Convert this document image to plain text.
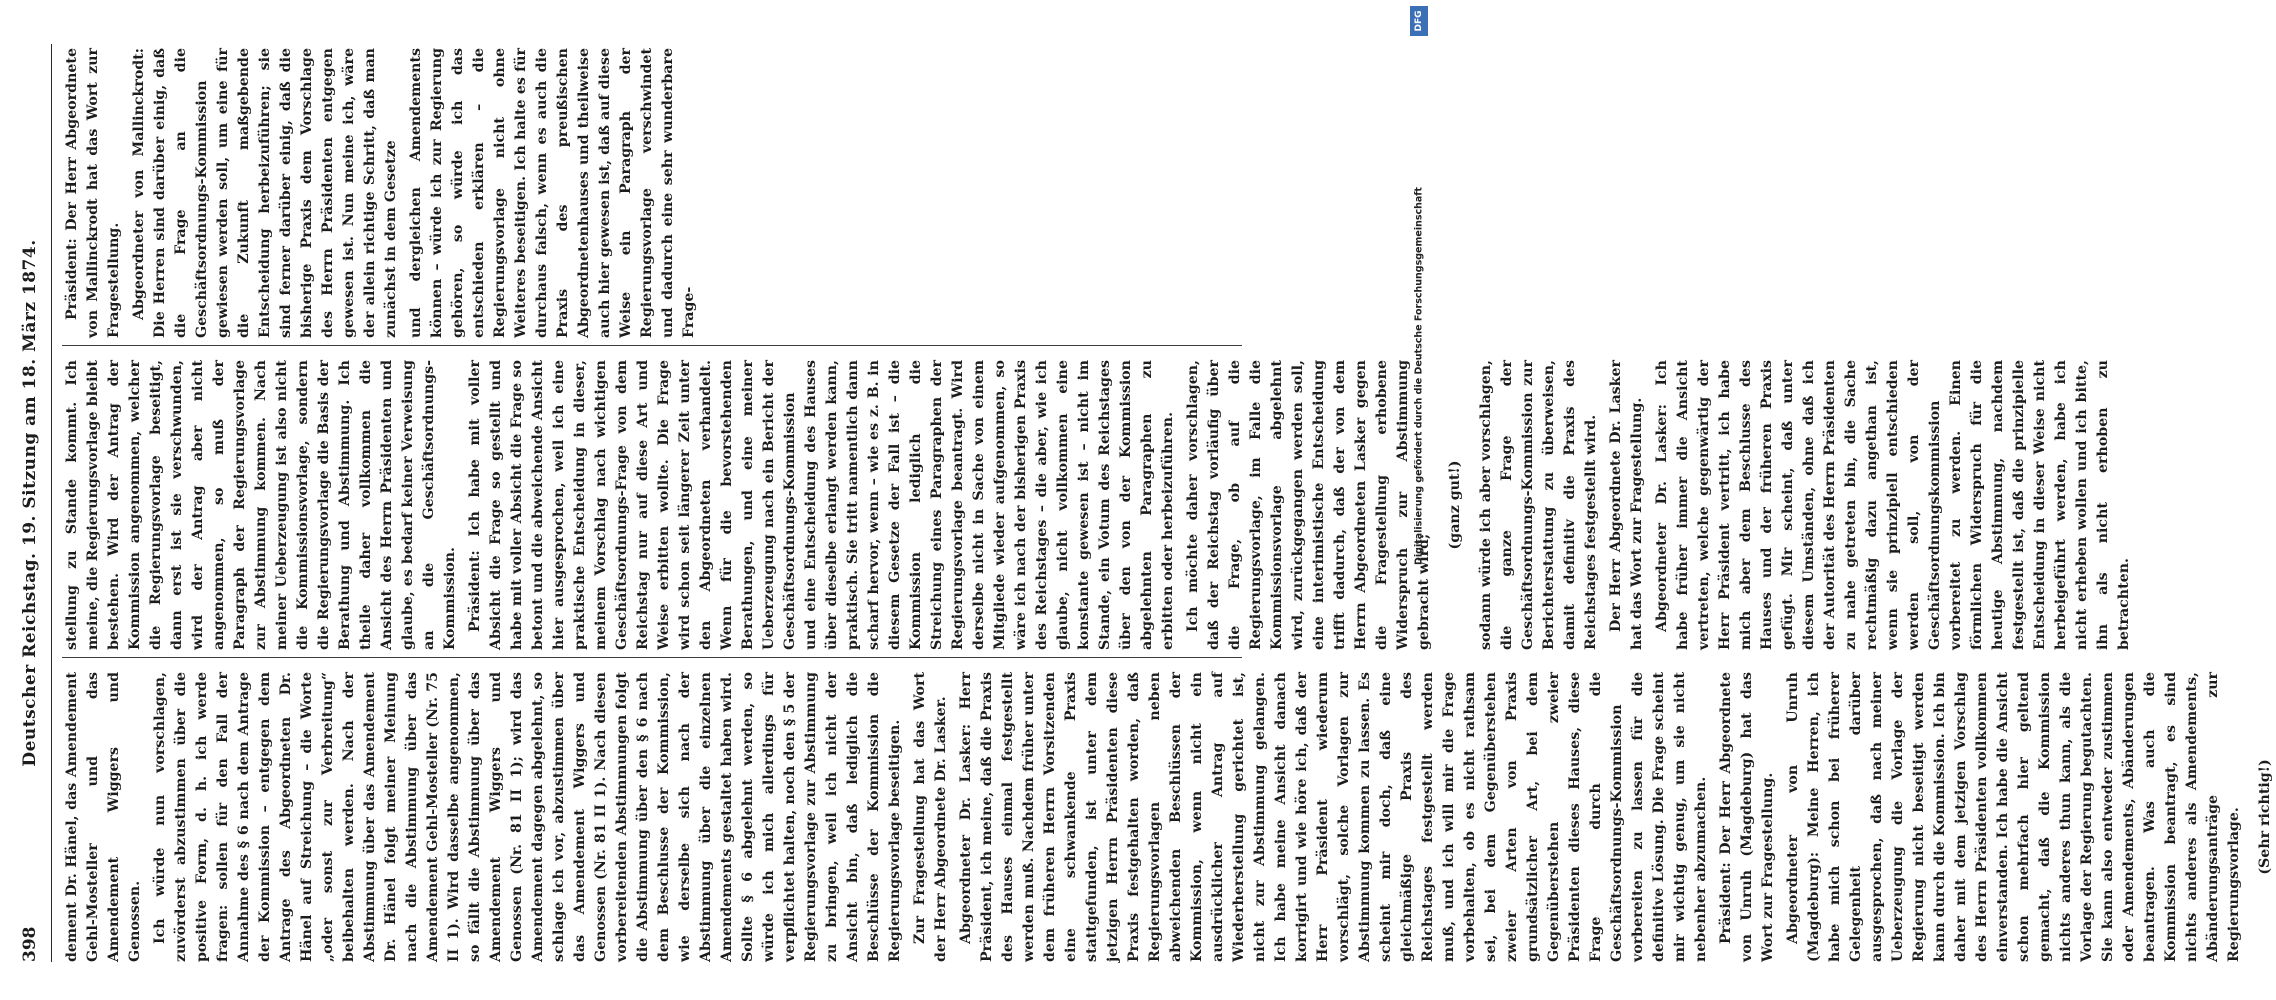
398
Deutscher Reichstag. 19. Sitzung am 18. März 1874.

dement Dr. Hänel, das Amendement Gehl-Mosteller und das Amendement Wiggers und Genossen. Ich würde nun vorschlagen, zuvörderst abzustimmen über die positive Form, d. h. ich werde fragen: sollen für den Fall der Annahme des § 6 nach dem Antrage der Kommission – entgegen dem Antrage des Abgeordneten Dr. Hänel auf Streichung – die Worte „oder sonst zur Verbreitung“ beibehalten werden. Nach der Abstimmung über das Amendement Dr. Hänel folgt meiner Meinung nach die Abstimmung über das Amendement Gehl-Mosteller (Nr. 75 II 1). Wird dasselbe angenommen, so fällt die Abstimmung über das Amendement Wiggers und Genossen (Nr. 81 II 1); wird das Amendement dagegen abgelehnt, so schlage ich vor, abzustimmen über das Amendement Wiggers und Genossen (Nr. 81 II 1). Nach diesen vorbereitenden Abstimmungen folgt die Abstimmung über den § 6 nach dem Beschlusse der Kommission, wie derselbe sich nach der Abstimmung über die einzelnen Amendements gestaltet haben wird. Sollte § 6 abgelehnt werden, so würde ich mich allerdings für verpflichtet halten, noch den § 5 der Regierungsvorlage zur Abstimmung zu bringen, weil ich nicht der Ansicht bin, daß lediglich die Beschlüsse der Kommission die Regierungsvorlage beseitigen. Zur Fragestellung hat das Wort der Herr Abgeordnete Dr. Lasker. Abgeordneter Dr. Lasker: Herr Präsident, ich meine, daß die Praxis des Hauses einmal festgestellt werden muß. Nachdem früher unter dem früheren Herrn Vorsitzenden eine schwankende Praxis stattgefunden, ist unter dem jetzigen Herrn Präsidenten diese Praxis festgehalten worden, daß Regierungsvorlagen neben abweichenden Beschlüssen der Kommission, wenn nicht ein ausdrücklicher Antrag auf Wiederherstellung gerichtet ist, nicht zur Abstimmung gelangen. Ich habe meine Ansicht danach korrigirt und wie höre ich, daß der Herr Präsident wiederum vorschlägt, solche Vorlagen zur Abstimmung kommen zu lassen. Es scheint mir doch, daß eine gleichmäßige Praxis des Reichstages festgestellt werden muß, und ich will mir die Frage vorbehalten, ob es nicht rathsam sei, bei dem Gegenüberstehen zweier Arten von Praxis grundsätzlicher Art, bei dem Gegenüberstehen zweier Präsidenten dieses Hauses, diese Frage durch die Geschäftsordnungs-Kommission vorbereiten zu lassen für die definitive Lösung. Die Frage scheint mir wichtig genug, um sie nicht nebenher abzumachen. Präsident: Der Herr Abgeordnete von Unruh (Magdeburg) hat das Wort zur Fragestellung. Abgeordneter von Unruh (Magdeburg): Meine Herren, ich habe mich schon bei früherer Gelegenheit darüber ausgesprochen, daß nach meiner Ueberzeugung die Vorlage der Regierung nicht beseitigt werden kann durch die Kommission. Ich bin daher mit dem jetzigen Vorschlag des Herrn Präsidenten vollkommen einverstanden. Ich habe die Ansicht schon mehrfach hier geltend gemacht, daß die Kommission nichts anderes thun kann, als die Vorlage der Regierung begutachten. Sie kann also entweder zustimmen oder Amendements, Abänderungen beantragen. Was auch die Kommission beantragt, es sind nichts anderes als Amendements, Abänderungsanträge zur Regierungsvorlage. (Sehr richtig!)

stellung zu Stande kommt. Ich meine, die Regierungsvorlage bleibt bestehen. Wird der Antrag der Kommission angenommen, welcher die Regierungsvorlage beseitigt, dann erst ist sie verschwunden, wird der Antrag aber nicht angenommen, so muß der Paragraph der Regierungsvorlage zur Abstimmung kommen. Nach meiner Ueberzeugung ist also nicht die Kommissionsvorlage, sondern die Regierungsvorlage die Basis der Berathung und Abstimmung. Ich theile daher vollkommen die Ansicht des Herrn Präsidenten und glaube, es bedarf keiner Verweisung an die Geschäftsordnungs-Kommission. Präsident: Ich habe mit voller Absicht die Frage so gestellt und habe mit voller Absicht die Frage so betont und die abweichende Ansicht hier ausgesprochen, weil ich eine praktische Entscheidung in dieser, meinem Vorschlag nach wichtigen Geschäftsordnungs-Frage von dem Reichstag nur auf diese Art und Weise erbitten wollte. Die Frage wird schon seit längerer Zeit unter den Abgeordneten verhandelt. Wenn für die bevorstehenden Berathungen, und eine meiner Ueberzeugung nach ein Bericht der Geschäftsordnungs-Kommission und eine Entscheidung des Hauses über dieselbe erlangt werden kann, praktisch. Sie tritt namentlich dann scharf hervor, wenn – wie es z. B. in diesem Gesetze der Fall ist – die Kommission lediglich die Streichung eines Paragraphen der Regierungsvorlage beantragt. Wird derselbe nicht in Sache von einem Mitgliede wieder aufgenommen, so wäre ich nach der bisherigen Praxis des Reichstages – die aber, wie ich glaube, nicht vollkommen eine konstante gewesen ist – nicht im Stande, ein Votum des Reichstages über den von der Kommission abgelehnten Paragraphen zu erbitten oder herbeizuführen. Ich möchte daher vorschlagen, daß der Reichstag vorläufig über die Frage, ob auf die Regierungsvorlage, im Falle die Kommissionsvorlage abgelehnt wird, zurückgegangen werden soll, eine interimistische Entscheidung trifft dadurch, daß der von dem Herrn Abgeordneten Lasker gegen die Fragestellung erhobene Widerspruch zur Abstimmung gebracht wird;

(ganz gut!) sodann würde ich aber vorschlagen, die ganze Frage der Geschäftsordnungs-Kommission zur Berichterstattung zu überweisen, damit definitiv die Praxis des Reichstages festgestellt wird. Der Herr Abgeordnete Dr. Lasker hat das Wort zur Fragestellung. Abgeordneter Dr. Lasker: Ich habe früher immer die Ansicht vertreten, welche gegenwärtig der Herr Präsident vertritt, ich habe mich aber dem Beschlusse des Hauses und der früheren Praxis gefügt. Mir scheint, daß unter diesem Umständen, ohne daß ich der Autorität des Herrn Präsidenten zu nahe getreten bin, die Sache rechtmäßig dazu angethan ist, wenn sie prinzipiell entschieden werden soll, von der Geschäftsordnungskommission vorbereitet zu werden. Einen förmlichen Widerspruch für die heutige Abstimmung, nachdem festgestellt ist, daß die prinzipielle Entscheidung in dieser Weise nicht herbeigeführt werden, habe ich nicht erheben wollen und ich bitte, ihn als nicht erhoben zu betrachten.

Präsident: Der Herr Abgeordnete von Mallinckrodt hat das Wort zur Fragestellung. Abgeordneter von Mallinckrodt: Die Herren sind darüber einig, daß die Frage an die Geschäftsordnungs-Kommission gewiesen werden soll, um eine für die Zukunft maßgebende Entscheidung herbeizuführen; sie sind ferner darüber einig, daß die bisherige Praxis dem Vorschlage des Herrn Präsidenten entgegen gewesen ist. Nun meine ich, wäre der allein richtige Schritt, daß man zunächst in dem Gesetze und dergleichen Amendements können – würde ich zur Regierung gehören, so würde ich das entschieden erklären – die Regierungsvorlage nicht ohne Weiteres beseitigen. Ich halte es für durchaus falsch, wenn es auch die Praxis des preußischen Abgeordnetenhauses und theilweise auch hier gewesen ist, daß auf diese Weise ein Paragraph der Regierungsvorlage verschwindet und dadurch eine sehr wunderbare Frage-

DFG
Digitalisierung gefördert durch die Deutsche Forschungsgemeinschaft
